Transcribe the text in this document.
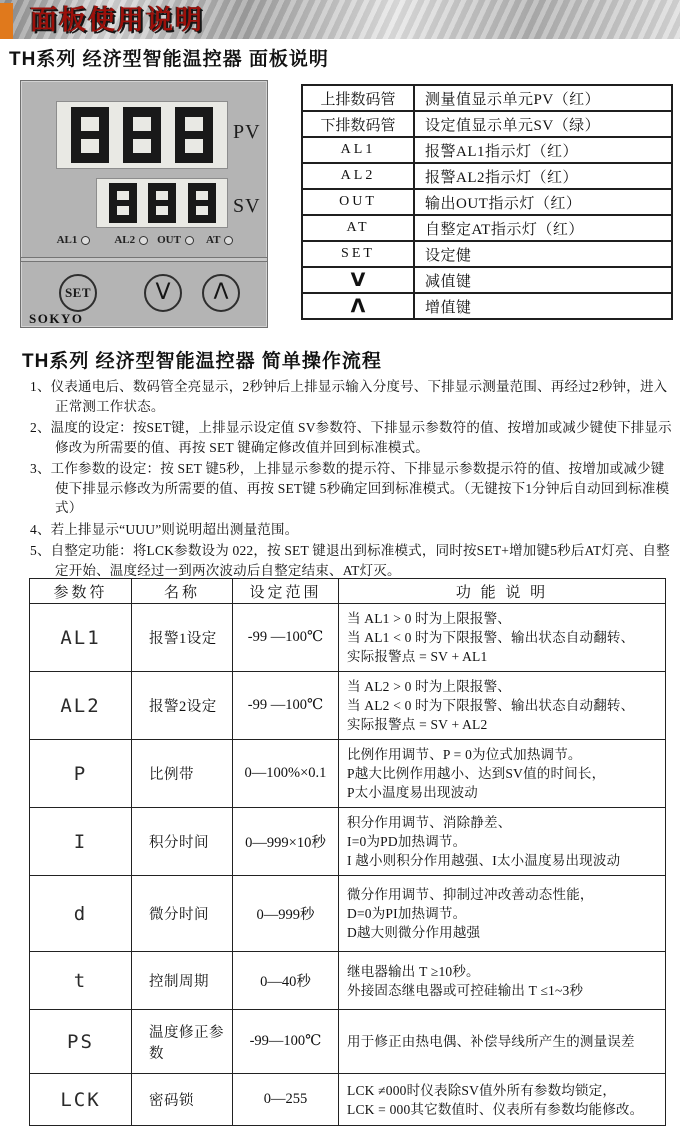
面板使用说明
TH系列 经济型智能温控器 面板说明
PV
SV
AL1	AL2 OUT AT
SET	V Λ
SOKYO
上排数码管	测量值显示单元PV（红）
下排数码管	设定值显示单元SV（绿）
AL1	报警AL1指示灯（红）
AL2	报警AL2指示灯（红）
OUT	输出OUT指示灯（红）
AT	自整定AT指示灯（红）
SET	设定健
V	减值键
Λ	增值键
TH系列 经济型智能温控器 简单操作流程

1、仪表通电后、数码管全亮显示，2秒钟后上排显示输入分度号、下排显示测量范围、再经过2秒钟，进入正常测工作状态。

2、温度的设定：按SET键，上排显示设定值 SV参数符、下排显示参数符的值、按增加或减少键使下排显示修改为所需要的值、再按 SET 键确定修改值并回到标准模式。

3、工作参数的设定：按 SET 键5秒，上排显示参数的提示符、下排显示参数提示符的值、按增加或减少键使下排显示修改为所需要的值、再按 SET键 5秒确定回到标准模式。（无键按下1分钟后自动回到标准模式）

4、若上排显示“UUU”则说明超出测量范围。

5、自整定功能：将LCK参数设为 022，按 SET 键退出到标准模式，同时按SET+增加键5秒后AT灯亮、自整定开始、温度经过一到两次波动后自整定结束、AT灯灭。

参数符	名称	设定范围	功 能 说 明
AL1	报警1设定	-99 —100℃	当 AL1 > 0 时为上限报警、
当 AL1 < 0 时为下限报警、输出状态自动翻转、
实际报警点 = SV + AL1

AL2	报警2设定	-99 —100℃	当 AL2 > 0 时为上限报警、
当 AL2 < 0 时为下限报警、输出状态自动翻转、
实际报警点 = SV + AL2

P	比例带	0—100%×0.1	比例作用调节、P = 0为位式加热调节。
P越大比例作用越小、达到SV值的时间长，
P太小温度易出现波动

I	积分时间	0—999×10秒	积分作用调节、消除静差、
I=0为PD加热调节。
I 越小则积分作用越强、I太小温度易出现波动

d	微分时间	0—999秒	微分作用调节、抑制过冲改善动态性能，
D=0为PI加热调节。
D越大则微分作用越强

t	控制周期	0—40秒	继电器输出 T ≥10秒。
外接固态继电器或可控硅输出 T ≤1~3秒

PS	温度修正参数	-99—100℃	用于修正由热电偶、补偿导线所产生的测量误差

LCK	密码锁	0—255	LCK ≠000时仪表除SV值外所有参数均锁定，
LCK = 000其它数值时、仪表所有参数均能修改。
